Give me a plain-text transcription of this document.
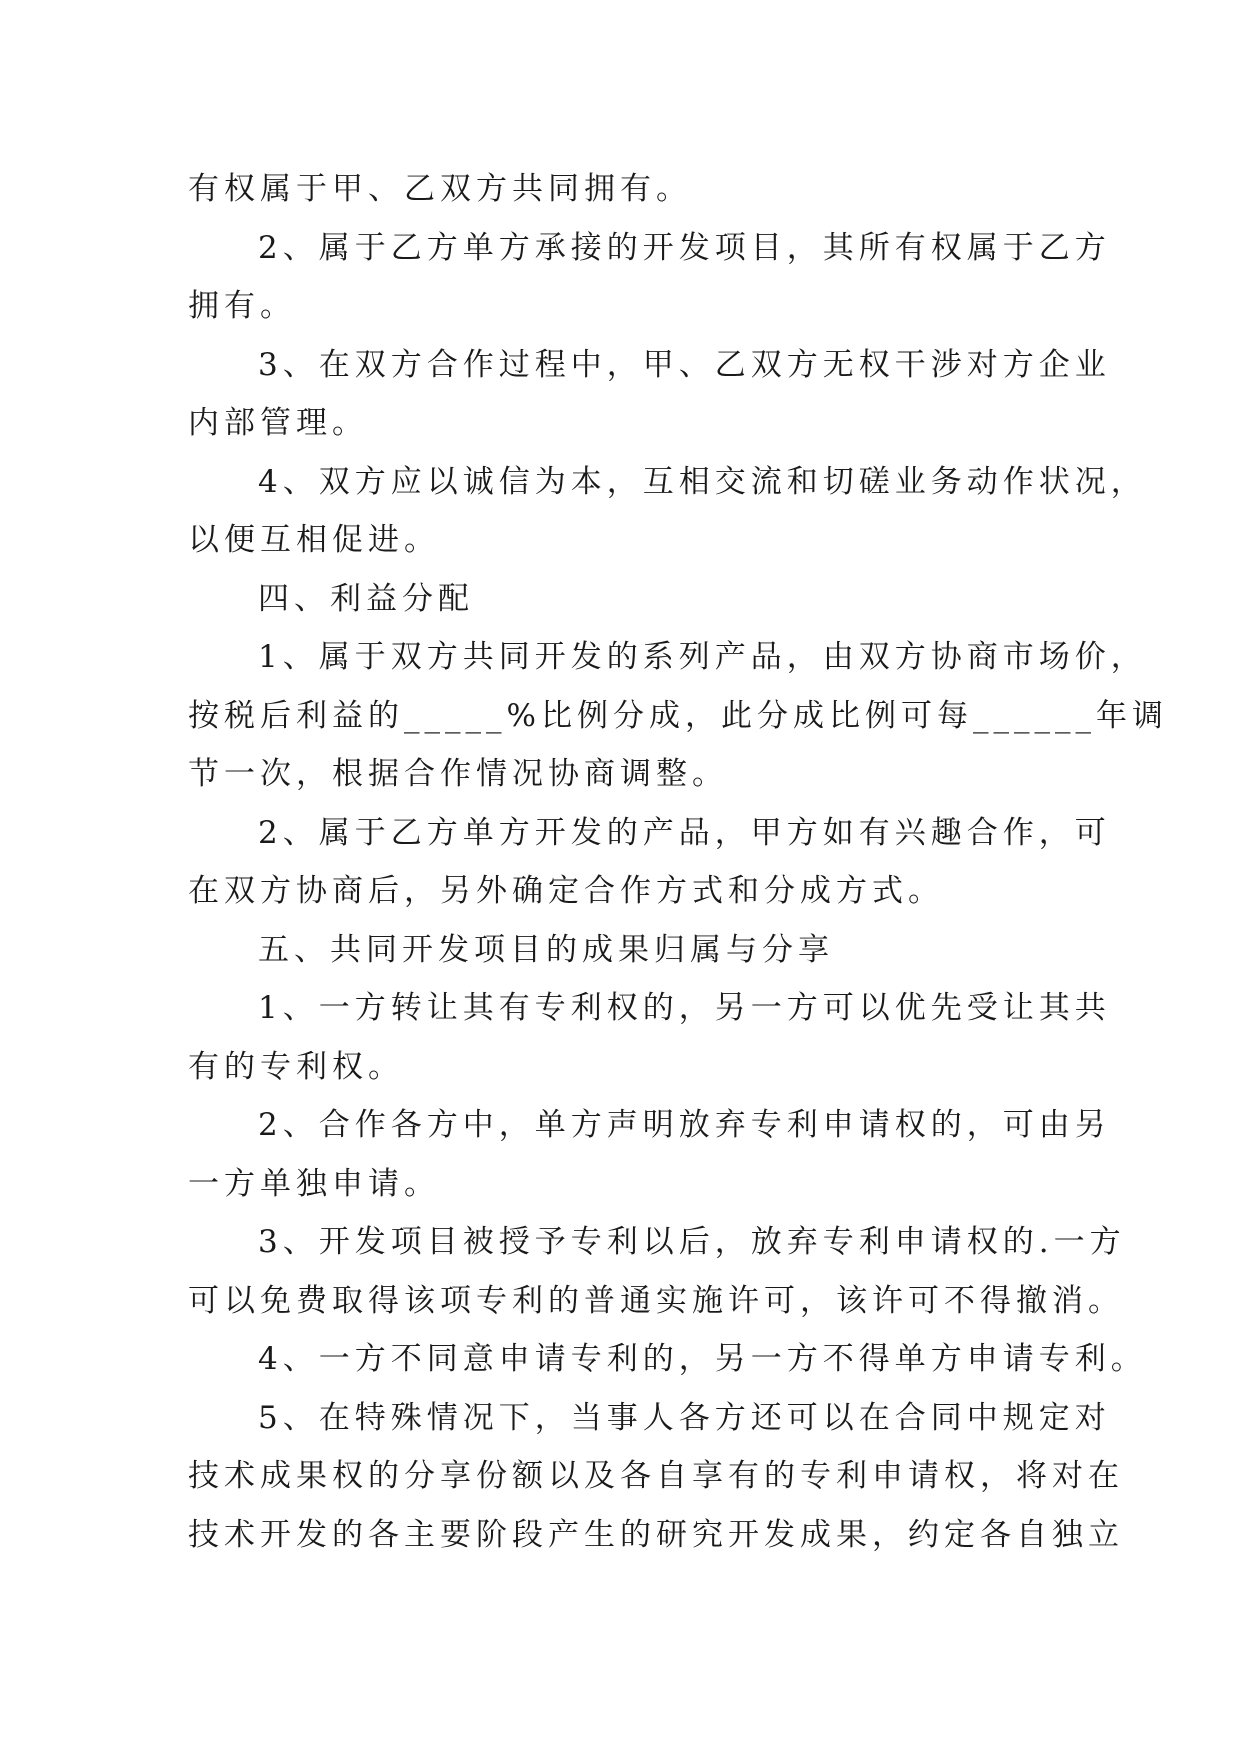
有权属于甲、乙双方共同拥有。
2、属于乙方单方承接的开发项目，其所有权属于乙方
拥有。
3、在双方合作过程中，甲、乙双方无权干涉对方企业
内部管理。
4、双方应以诚信为本，互相交流和切磋业务动作状况，
以便互相促进。
四、利益分配
1、属于双方共同开发的系列产品，由双方协商市场价，
按税后利益的_____%比例分成，此分成比例可每______年调
节一次，根据合作情况协商调整。
2、属于乙方单方开发的产品，甲方如有兴趣合作，可
在双方协商后，另外确定合作方式和分成方式。
五、共同开发项目的成果归属与分享
1、一方转让其有专利权的，另一方可以优先受让其共
有的专利权。
2、合作各方中，单方声明放弃专利申请权的，可由另
一方单独申请。
3、开发项目被授予专利以后，放弃专利申请权的.一方
可以免费取得该项专利的普通实施许可，该许可不得撤消。
4、一方不同意申请专利的，另一方不得单方申请专利。
5、在特殊情况下，当事人各方还可以在合同中规定对
技术成果权的分享份额以及各自享有的专利申请权，将对在
技术开发的各主要阶段产生的研究开发成果，约定各自独立
